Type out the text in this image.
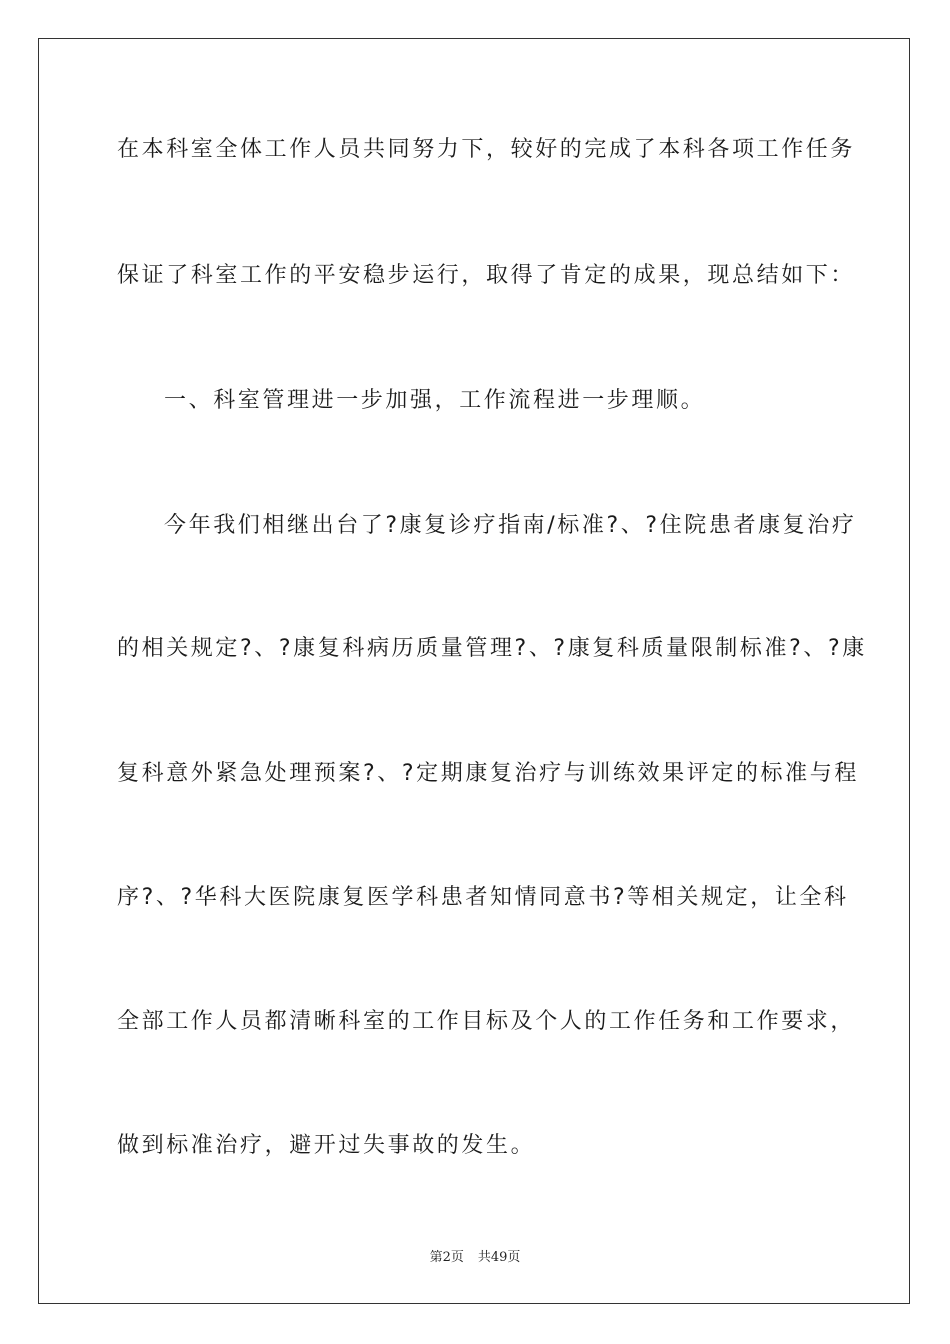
在本科室全体工作人员共同努力下，较好的完成了本科各项工作任务
保证了科室工作的平安稳步运行，取得了肯定的成果，现总结如下：
一、科室管理进一步加强，工作流程进一步理顺。
今年我们相继出台了?康复诊疗指南/标准?、?住院患者康复治疗
的相关规定?、?康复科病历质量管理?、?康复科质量限制标准?、?康
复科意外紧急处理预案?、?定期康复治疗与训练效果评定的标准与程
序?、?华科大医院康复医学科患者知情同意书?等相关规定，让全科
全部工作人员都清晰科室的工作目标及个人的工作任务和工作要求，
做到标准治疗，避开过失事故的发生。
第2页 共49页
